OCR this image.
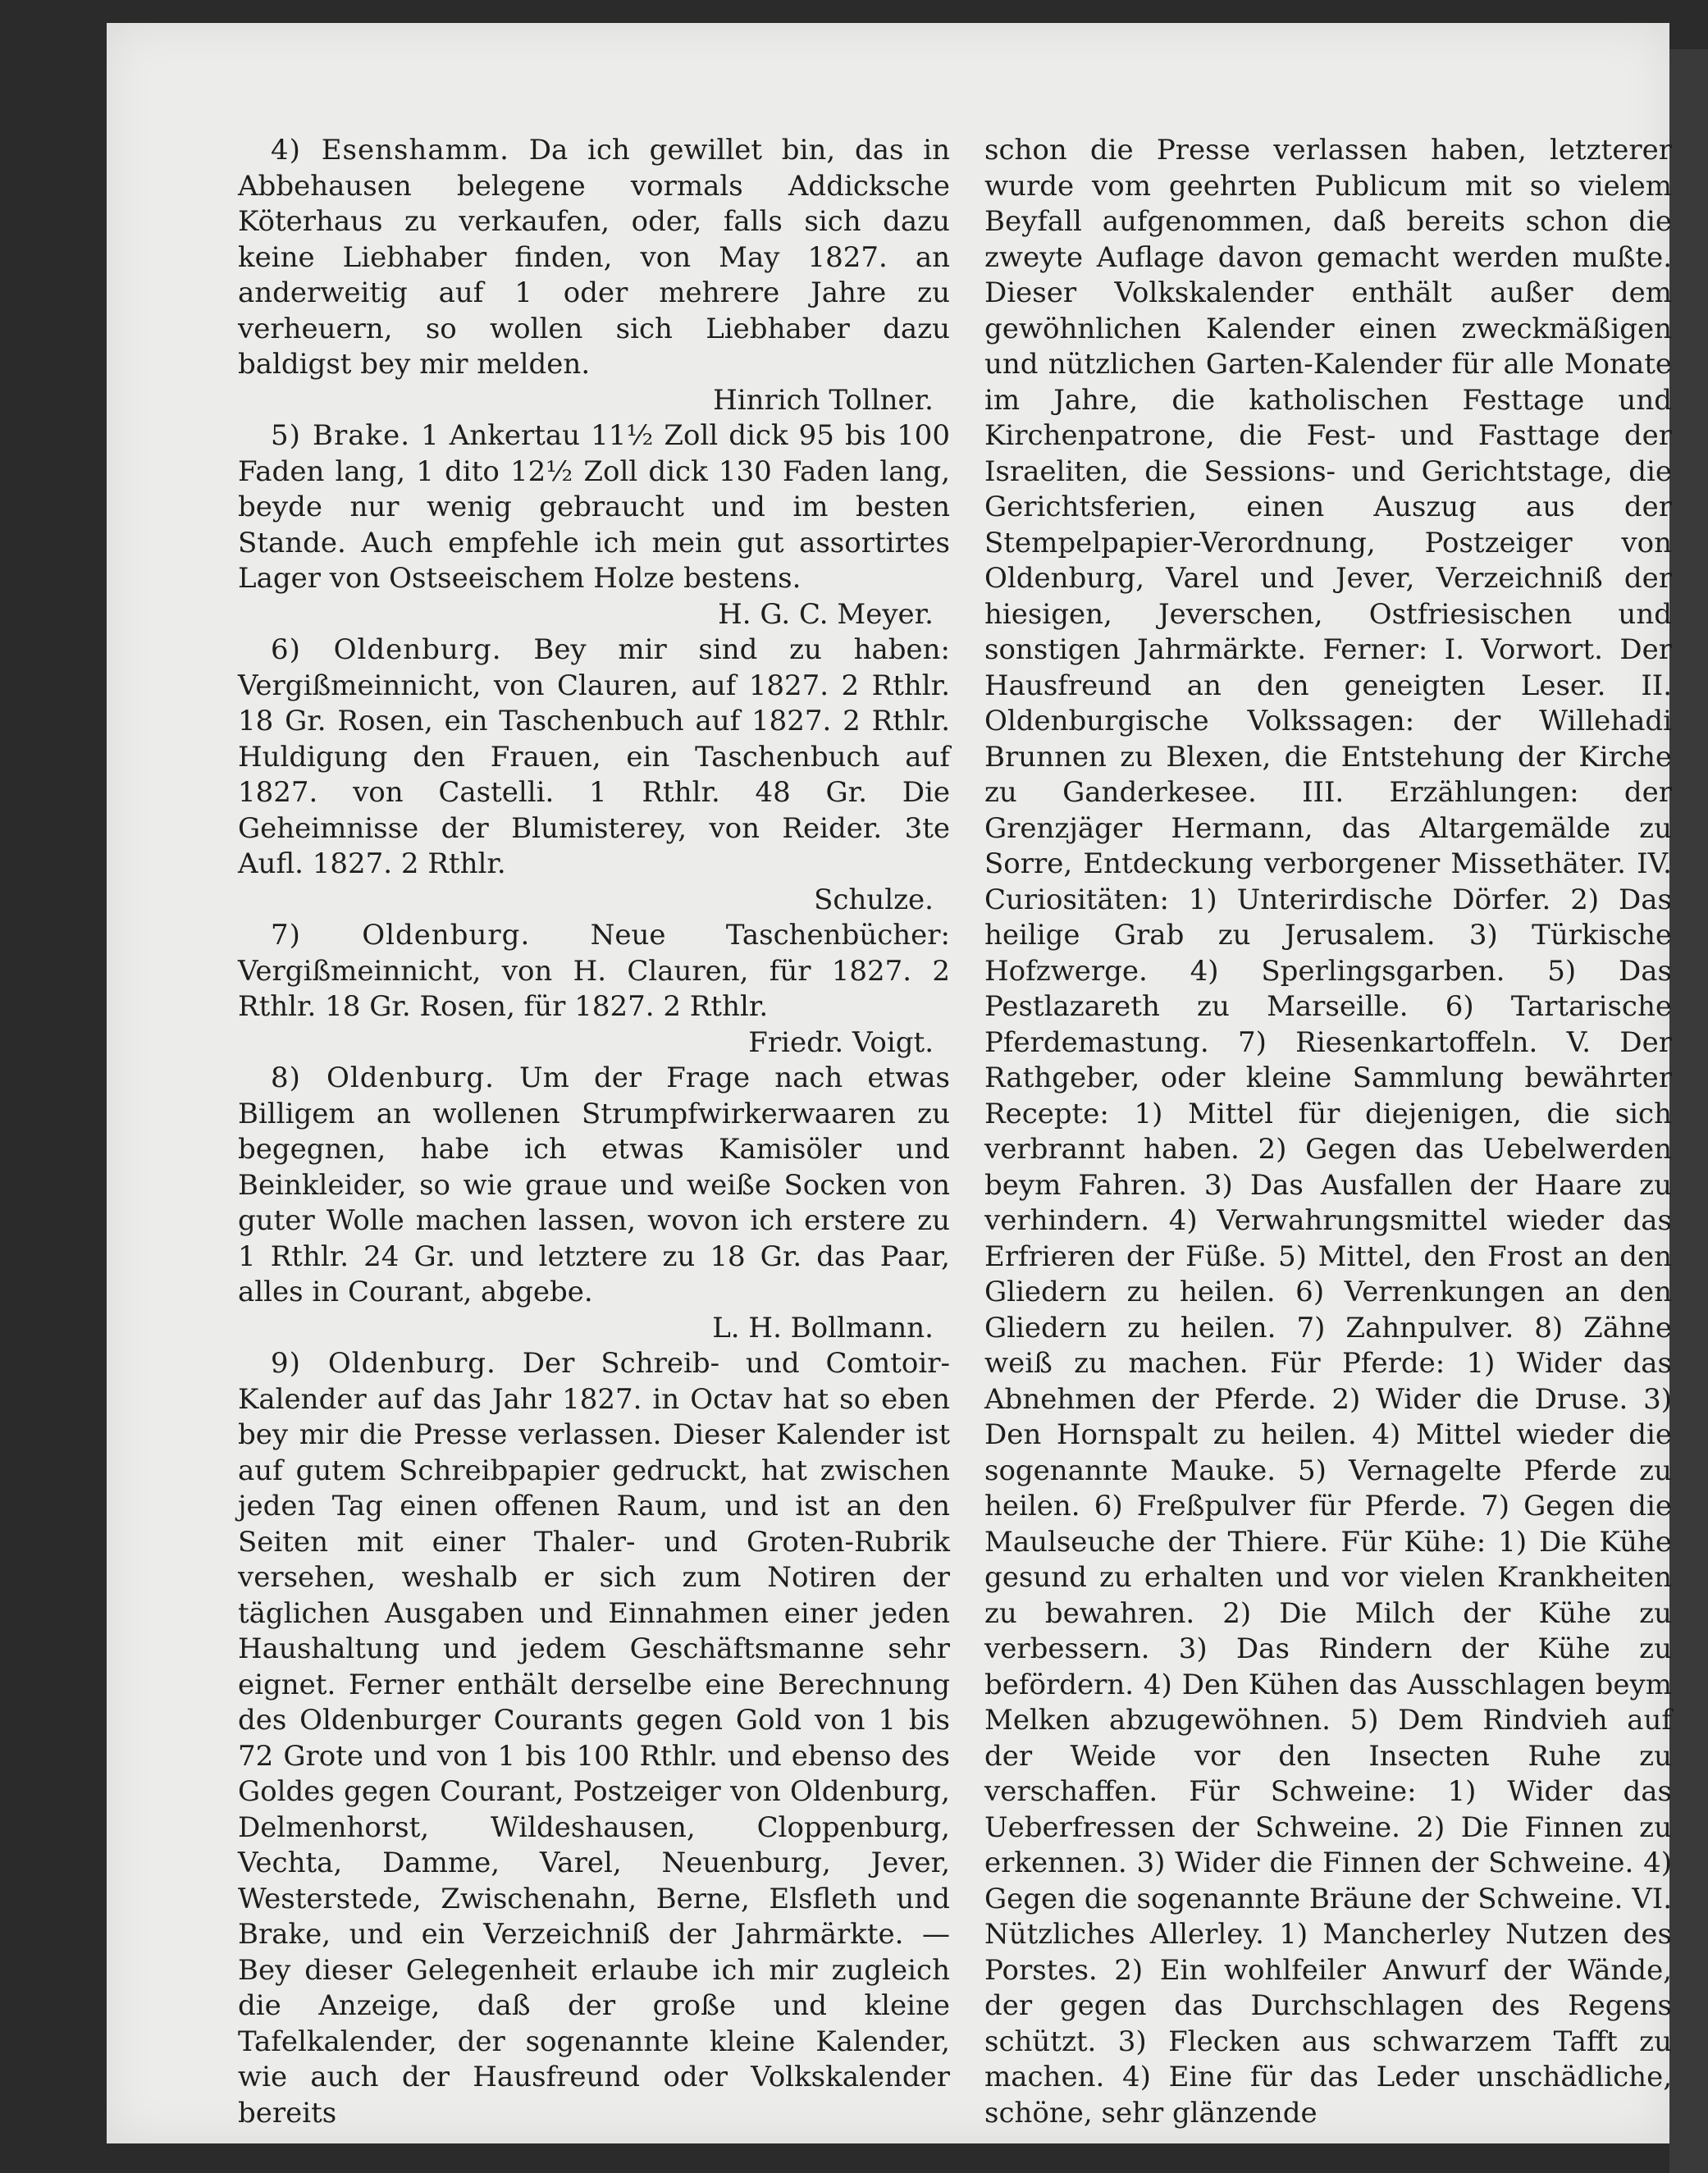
4) Esenshamm. Da ich gewillet bin, das in Abbehausen belegene vormals Addicksche Köterhaus zu verkaufen, oder, falls sich dazu keine Liebhaber finden, von May 1827. an anderweitig auf 1 oder mehrere Jahre zu verheuern, so wollen sich Liebhaber dazu baldigst bey mir melden.

Hinrich Tollner.

5) Brake. 1 Ankertau 11½ Zoll dick 95 bis 100 Faden lang, 1 dito 12½ Zoll dick 130 Faden lang, beyde nur wenig gebraucht und im besten Stande. Auch empfehle ich mein gut assortirtes Lager von Ostseeischem Holze bestens.

H. G. C. Meyer.

6) Oldenburg. Bey mir sind zu haben: Vergißmeinnicht, von Clauren, auf 1827. 2 Rthlr. 18 Gr. Rosen, ein Taschenbuch auf 1827. 2 Rthlr. Huldigung den Frauen, ein Taschenbuch auf 1827. von Castelli. 1 Rthlr. 48 Gr. Die Geheimnisse der Blumisterey, von Reider. 3te Aufl. 1827. 2 Rthlr.

Schulze.

7) Oldenburg. Neue Taschenbücher: Vergißmeinnicht, von H. Clauren, für 1827. 2 Rthlr. 18 Gr. Rosen, für 1827. 2 Rthlr.

Friedr. Voigt.

8) Oldenburg. Um der Frage nach etwas Billigem an wollenen Strumpfwirkerwaaren zu begegnen, habe ich etwas Kamisöler und Beinkleider, so wie graue und weiße Socken von guter Wolle machen lassen, wovon ich erstere zu 1 Rthlr. 24 Gr. und letztere zu 18 Gr. das Paar, alles in Courant, abgebe.

L. H. Bollmann.

9) Oldenburg. Der Schreib- und Comtoir-Kalender auf das Jahr 1827. in Octav hat so eben bey mir die Presse verlassen. Dieser Kalender ist auf gutem Schreibpapier gedruckt, hat zwischen jeden Tag einen offenen Raum, und ist an den Seiten mit einer Thaler- und Groten-Rubrik versehen, weshalb er sich zum Notiren der täglichen Ausgaben und Einnahmen einer jeden Haushaltung und jedem Geschäftsmanne sehr eignet. Ferner enthält derselbe eine Berechnung des Oldenburger Courants gegen Gold von 1 bis 72 Grote und von 1 bis 100 Rthlr. und ebenso des Goldes gegen Courant, Postzeiger von Oldenburg, Delmenhorst, Wildeshausen, Cloppenburg, Vechta, Damme, Varel, Neuenburg, Jever, Westerstede, Zwischenahn, Berne, Elsfleth und Brake, und ein Verzeichniß der Jahrmärkte. — Bey dieser Gelegenheit erlaube ich mir zugleich die Anzeige, daß der große und kleine Tafelkalender, der sogenannte kleine Kalender, wie auch der Hausfreund oder Volkskalender bereits

schon die Presse verlassen haben, letzterer wurde vom geehrten Publicum mit so vielem Beyfall aufgenommen, daß bereits schon die zweyte Auflage davon gemacht werden mußte. Dieser Volkskalender enthält außer dem gewöhnlichen Kalender einen zweckmäßigen und nützlichen Garten-Kalender für alle Monate im Jahre, die katholischen Festtage und Kirchenpatrone, die Fest- und Fasttage der Israeliten, die Sessions- und Gerichtstage, die Gerichtsferien, einen Auszug aus der Stempelpapier-Verordnung, Postzeiger von Oldenburg, Varel und Jever, Verzeichniß der hiesigen, Jeverschen, Ostfriesischen und sonstigen Jahrmärkte. Ferner: I. Vorwort. Der Hausfreund an den geneigten Leser. II. Oldenburgische Volkssagen: der Willehadi Brunnen zu Blexen, die Entstehung der Kirche zu Ganderkesee. III. Erzählungen: der Grenzjäger Hermann, das Altargemälde zu Sorre, Entdeckung verborgener Missethäter. IV. Curiositäten: 1) Unterirdische Dörfer. 2) Das heilige Grab zu Jerusalem. 3) Türkische Hofzwerge. 4) Sperlingsgarben. 5) Das Pestlazareth zu Marseille. 6) Tartarische Pferdemastung. 7) Riesenkartoffeln. V. Der Rathgeber, oder kleine Sammlung bewährter Recepte: 1) Mittel für diejenigen, die sich verbrannt haben. 2) Gegen das Uebelwerden beym Fahren. 3) Das Ausfallen der Haare zu verhindern. 4) Verwahrungsmittel wieder das Erfrieren der Füße. 5) Mittel, den Frost an den Gliedern zu heilen. 6) Verrenkungen an den Gliedern zu heilen. 7) Zahnpulver. 8) Zähne weiß zu machen. Für Pferde: 1) Wider das Abnehmen der Pferde. 2) Wider die Druse. 3) Den Hornspalt zu heilen. 4) Mittel wieder die sogenannte Mauke. 5) Vernagelte Pferde zu heilen. 6) Freßpulver für Pferde. 7) Gegen die Maulseuche der Thiere. Für Kühe: 1) Die Kühe gesund zu erhalten und vor vielen Krankheiten zu bewahren. 2) Die Milch der Kühe zu verbessern. 3) Das Rindern der Kühe zu befördern. 4) Den Kühen das Ausschlagen beym Melken abzugewöhnen. 5) Dem Rindvieh auf der Weide vor den Insecten Ruhe zu verschaffen. Für Schweine: 1) Wider das Ueberfressen der Schweine. 2) Die Finnen zu erkennen. 3) Wider die Finnen der Schweine. 4) Gegen die sogenannte Bräune der Schweine. VI. Nützliches Allerley. 1) Mancherley Nutzen des Porstes. 2) Ein wohlfeiler Anwurf der Wände, der gegen das Durchschlagen des Regens schützt. 3) Flecken aus schwarzem Tafft zu machen. 4) Eine für das Leder unschädliche, schöne, sehr glänzende
